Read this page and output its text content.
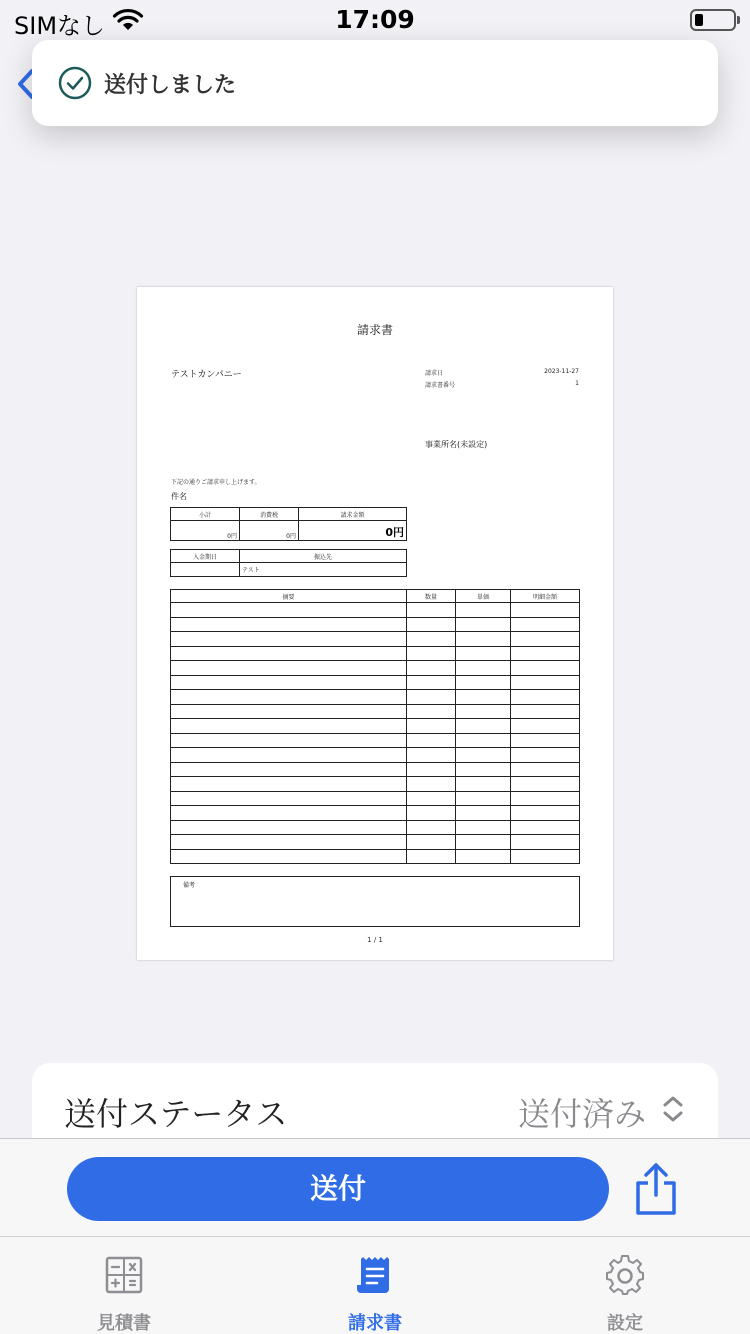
SIMなし	17:09
請求書
テストカンパニー	請求日	2023-11-27
請求書番号	1
事業所名(未設定)
下記の通りご請求申し上げます。
件名
小計	消費税	請求金額
0円	0円	0円
入金期日	振込先
	テスト
摘要	数量	単価	明細金額

備考
1 / 1
送付ステータス	送付済み
送付
見積書	請求書	設定
送付しました
